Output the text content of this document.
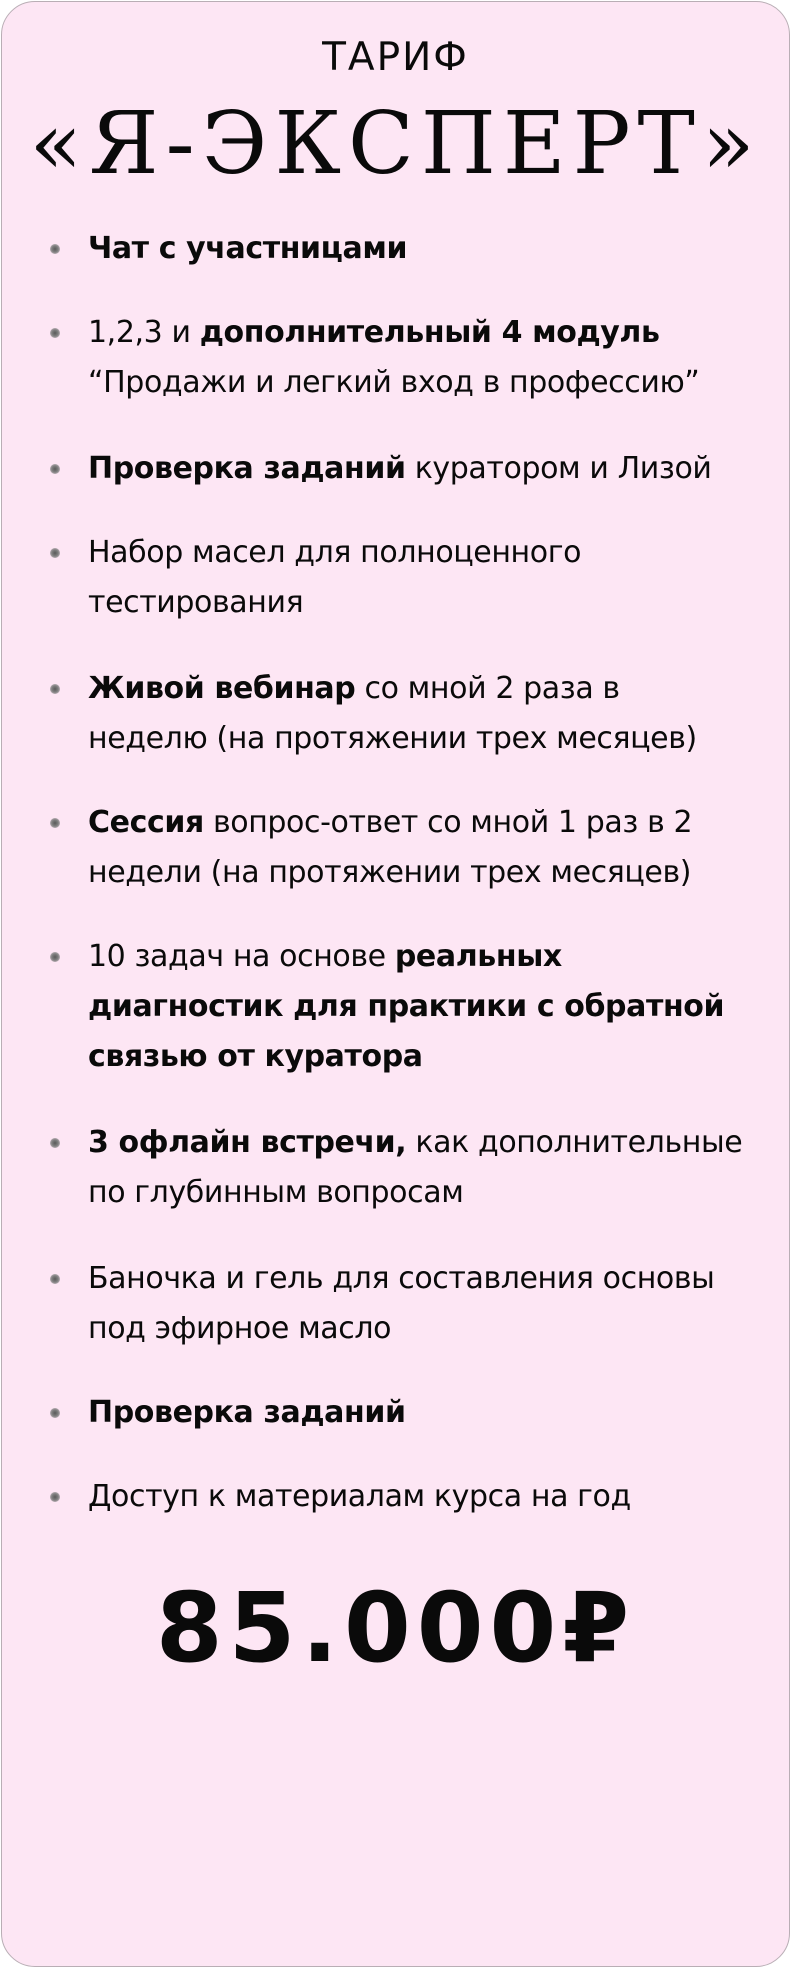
ТАРИФ
«Я-ЭКСПЕРТ»
Чат с участницами
1,2,3 и дополнительный 4 модуль
“Продажи и легкий вход в профессию”
Проверка заданий куратором и Лизой
Набор масел для полноценного
тестирования
Живой вебинар со мной 2 раза в
неделю (на протяжении трех месяцев)
Сессия вопрос-ответ со мной 1 раз в 2
недели (на протяжении трех месяцев)
10 задач на основе реальных
диагностик для практики с обратной
связью от куратора
3 офлайн встречи, как дополнительные
по глубинным вопросам
Баночка и гель для составления основы
под эфирное масло
Проверка заданий
Доступ к материалам курса на год
85.000₽
